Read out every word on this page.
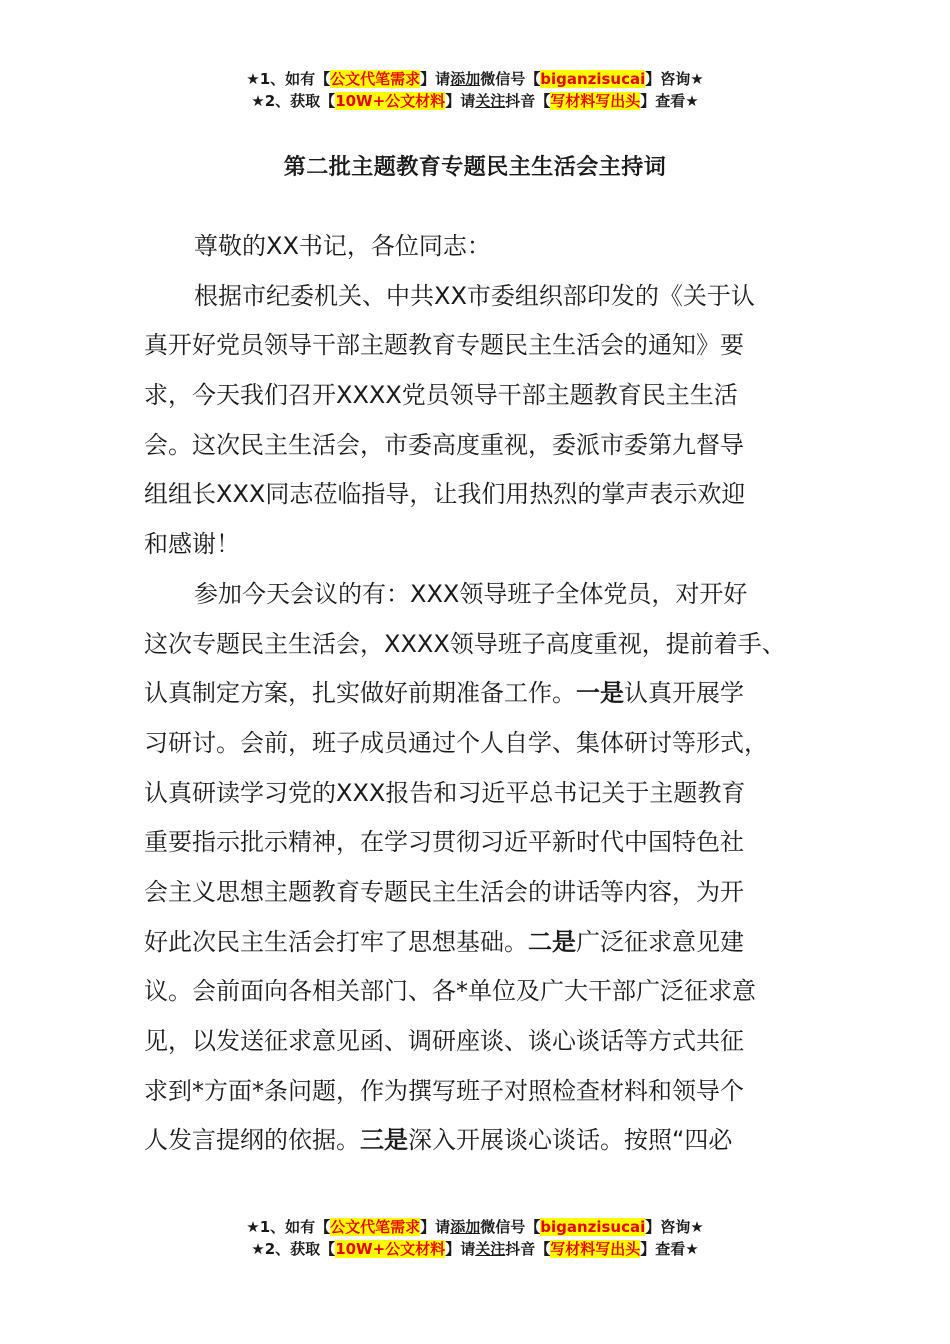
★1、如有【公文代笔需求】请添加微信号【biganzisucai】咨询★
★2、获取【10W+公文材料】请关注抖音【写材料写出头】查看★
第二批主题教育专题民主生活会主持词
尊敬的XX书记，各位同志：
根据市纪委机关、中共XX市委组织部印发的《关于认
真开好党员领导干部主题教育专题民主生活会的通知》要
求，今天我们召开XXXX党员领导干部主题教育民主生活
会。这次民主生活会，市委高度重视，委派市委第九督导
组组长XXX同志莅临指导，让我们用热烈的掌声表示欢迎
和感谢！
参加今天会议的有：XXX领导班子全体党员，对开好
这次专题民主生活会，XXXX领导班子高度重视，提前着手、
认真制定方案，扎实做好前期准备工作。一是认真开展学
习研讨。会前，班子成员通过个人自学、集体研讨等形式，
认真研读学习党的XXX报告和习近平总书记关于主题教育
重要指示批示精神，在学习贯彻习近平新时代中国特色社
会主义思想主题教育专题民主生活会的讲话等内容，为开
好此次民主生活会打牢了思想基础。二是广泛征求意见建
议。会前面向各相关部门、各*单位及广大干部广泛征求意
见，以发送征求意见函、调研座谈、谈心谈话等方式共征
求到*方面*条问题，作为撰写班子对照检查材料和领导个
人发言提纲的依据。三是深入开展谈心谈话。按照“四必
★1、如有【公文代笔需求】请添加微信号【biganzisucai】咨询★
★2、获取【10W+公文材料】请关注抖音【写材料写出头】查看★
